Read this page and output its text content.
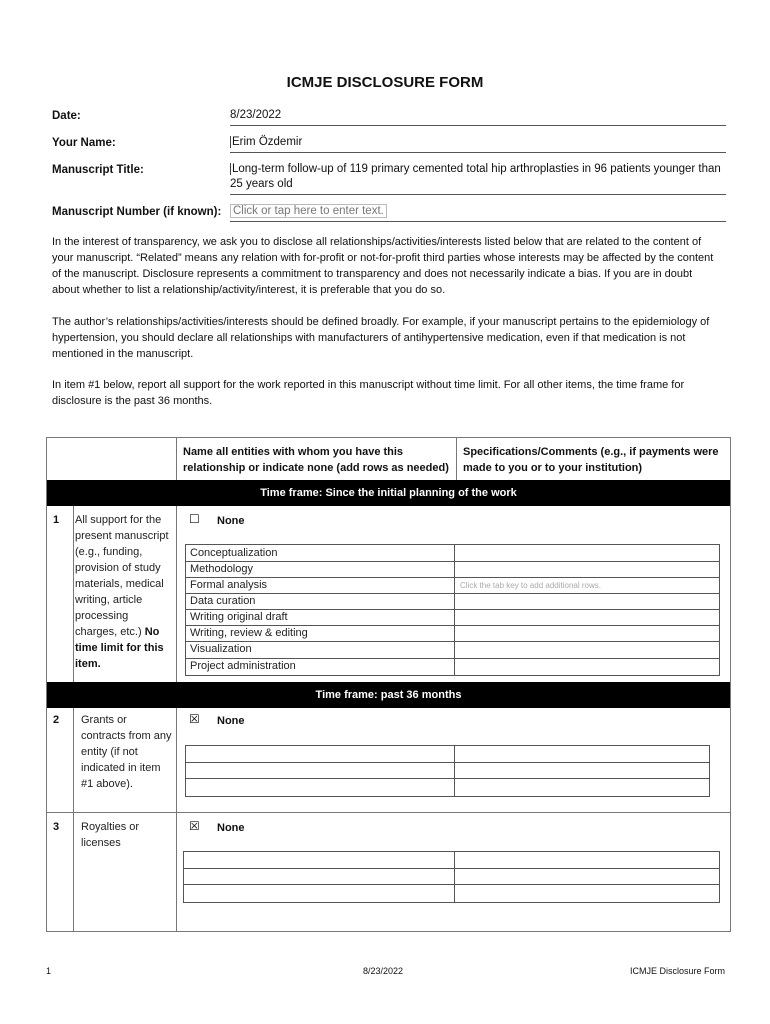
ICMJE DISCLOSURE FORM
Date:	8/23/2022
Your Name:	Erim Özdemir
Manuscript Title:	Long-term follow-up of 119 primary cemented total hip arthroplasties in 96 patients younger than 25 years old
Manuscript Number (if known): Click or tap here to enter text.
In the interest of transparency, we ask you to disclose all relationships/activities/interests listed below that are related to the content of your manuscript. “Related” means any relation with for-profit or not-for-profit third parties whose interests may be affected by the content of the manuscript. Disclosure represents a commitment to transparency and does not necessarily indicate a bias. If you are in doubt about whether to list a relationship/activity/interest, it is preferable that you do so.
The author’s relationships/activities/interests should be defined broadly. For example, if your manuscript pertains to the epidemiology of hypertension, you should declare all relationships with manufacturers of antihypertensive medication, even if that medication is not mentioned in the manuscript.
In item #1 below, report all support for the work reported in this manuscript without time limit. For all other items, the time frame for disclosure is the past 36 months.
Name all entities with whom you have this relationship or indicate none (add rows as needed)
Specifications/Comments (e.g., if payments were made to you or to your institution)
Time frame: Since the initial planning of the work
1 All support for the present manuscript (e.g., funding, provision of study materials, medical writing, article processing charges, etc.) No time limit for this item.
☐ None
Conceptualization
Methodology
Formal analysis
Data curation
Writing original draft
Writing, review & editing
Visualization
Project administration
Click the tab key to add additional rows.
Time frame: past 36 months
2 Grants or contracts from any entity (if not indicated in item #1 above).
☒ None
3 Royalties or licenses
☒ None
1	8/23/2022	ICMJE Disclosure Form
